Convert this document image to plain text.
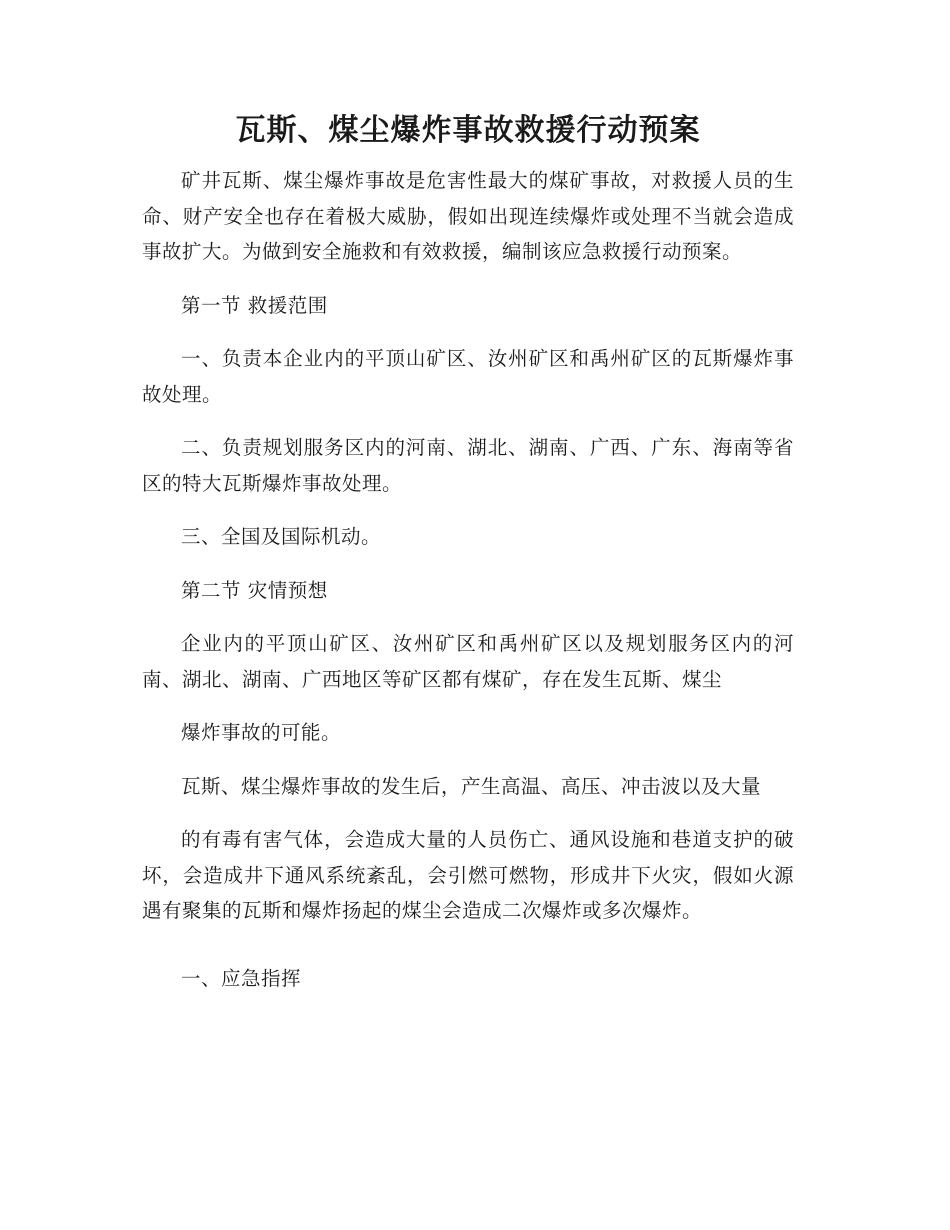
瓦斯、煤尘爆炸事故救援行动预案

矿井瓦斯、煤尘爆炸事故是危害性最大的煤矿事故，对救援人员的生命、财产安全也存在着极大威胁，假如出现连续爆炸或处理不当就会造成事故扩大。为做到安全施救和有效救援，编制该应急救援行动预案。

第一节 救援范围

一、负责本企业内的平顶山矿区、汝州矿区和禹州矿区的瓦斯爆炸事故处理。

二、负责规划服务区内的河南、湖北、湖南、广西、广东、海南等省区的特大瓦斯爆炸事故处理。

三、全国及国际机动。

第二节 灾情预想

企业内的平顶山矿区、汝州矿区和禹州矿区以及规划服务区内的河南、湖北、湖南、广西地区等矿区都有煤矿，存在发生瓦斯、煤尘

爆炸事故的可能。

瓦斯、煤尘爆炸事故的发生后，产生高温、高压、冲击波以及大量

的有毒有害气体，会造成大量的人员伤亡、通风设施和巷道支护的破坏，会造成井下通风系统紊乱，会引燃可燃物，形成井下火灾，假如火源遇有聚集的瓦斯和爆炸扬起的煤尘会造成二次爆炸或多次爆炸。

一、应急指挥
